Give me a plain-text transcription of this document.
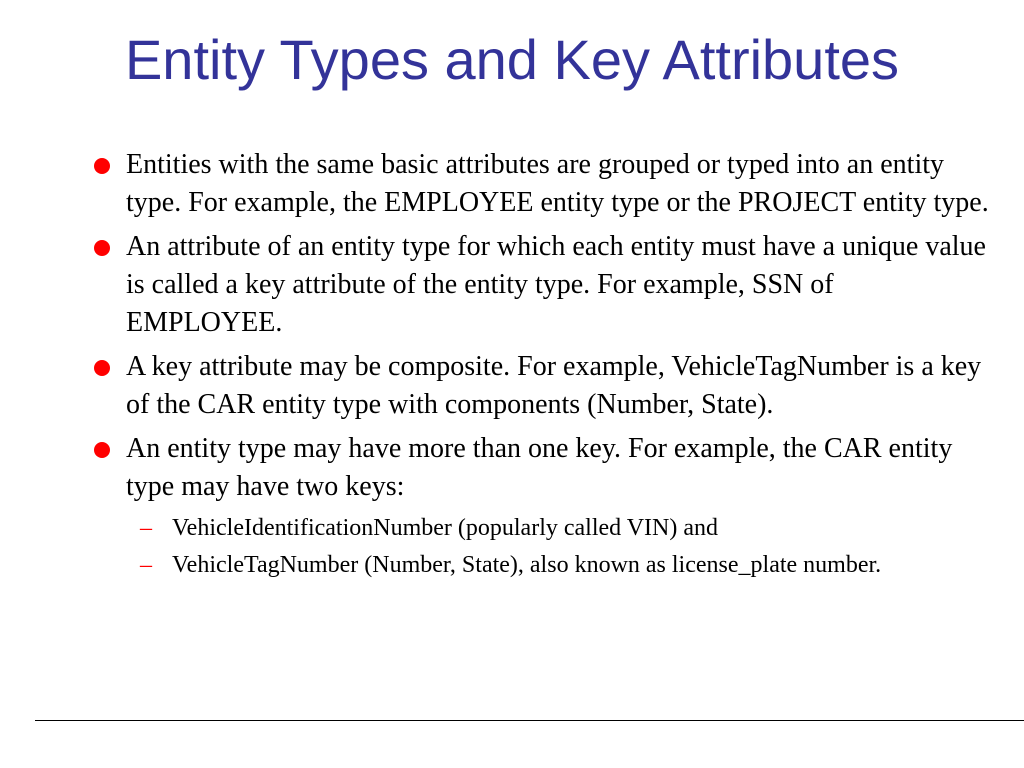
Entity Types and Key Attributes
Entities with the same basic attributes are grouped or typed into an entity type. For example, the EMPLOYEE entity type or the PROJECT entity type.
An attribute of an entity type for which each entity must have a unique value is called a key attribute of the entity type. For example, SSN of EMPLOYEE.
A key attribute may be composite. For example, VehicleTagNumber is a key of the CAR entity type with components (Number, State).
An entity type may have more than one key. For example, the CAR entity type may have two keys:
– VehicleIdentificationNumber (popularly called VIN) and
– VehicleTagNumber (Number, State), also known as license_plate number.
